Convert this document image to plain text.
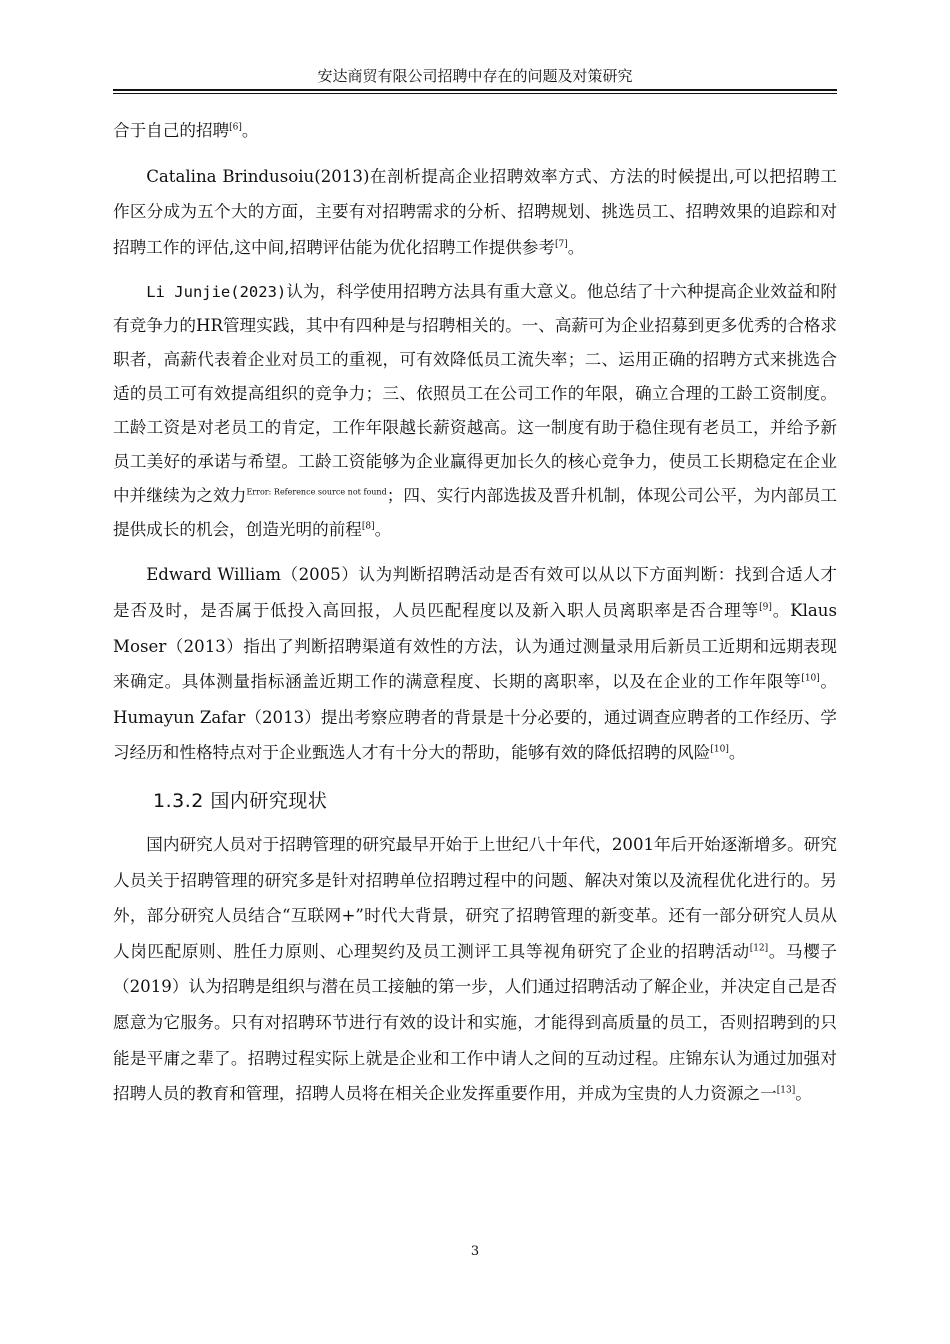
安达商贸有限公司招聘中存在的问题及对策研究

合于自己的招聘[6]。

Catalina Brindusoiu(2013)在剖析提高企业招聘效率方式、方法的时候提出,可以把招聘工作区分成为五个大的方面，主要有对招聘需求的分析、招聘规划、挑选员工、招聘效果的追踪和对招聘工作的评估,这中间,招聘评估能为优化招聘工作提供参考[7]。

Li Junjie(2023)认为，科学使用招聘方法具有重大意义。他总结了十六种提高企业效益和附有竞争力的HR管理实践，其中有四种是与招聘相关的。一、高薪可为企业招募到更多优秀的合格求职者，高薪代表着企业对员工的重视，可有效降低员工流失率；二、运用正确的招聘方式来挑选合适的员工可有效提高组织的竞争力；三、依照员工在公司工作的年限，确立合理的工龄工资制度。工龄工资是对老员工的肯定，工作年限越长薪资越高。这一制度有助于稳住现有老员工，并给予新员工美好的承诺与希望。工龄工资能够为企业赢得更加长久的核心竞争力，使员工长期稳定在企业中并继续为之效力$^{Error: Reference source not found}$；四、实行内部选拔及晋升机制，体现公司公平，为内部员工提供成长的机会，创造光明的前程[8]。

Edward William（2005）认为判断招聘活动是否有效可以从以下方面判断：找到合适人才是否及时，是否属于低投入高回报，人员匹配程度以及新入职人员离职率是否合理等[9]。Klaus Moser（2013）指出了判断招聘渠道有效性的方法，认为通过测量录用后新员工近期和远期表现来确定。具体测量指标涵盖近期工作的满意程度、长期的离职率，以及在企业的工作年限等[10]。Humayun Zafar（2013）提出考察应聘者的背景是十分必要的，通过调查应聘者的工作经历、学习经历和性格特点对于企业甄选人才有十分大的帮助，能够有效的降低招聘的风险[10]。

1.3.2 国内研究现状

国内研究人员对于招聘管理的研究最早开始于上世纪八十年代，2001年后开始逐渐增多。研究人员关于招聘管理的研究多是针对招聘单位招聘过程中的问题、解决对策以及流程优化进行的。另外，部分研究人员结合“互联网+”时代大背景，研究了招聘管理的新变革。还有一部分研究人员从人岗匹配原则、胜任力原则、心理契约及员工测评工具等视角研究了企业的招聘活动[12]。马樱子（2019）认为招聘是组织与潜在员工接触的第一步，人们通过招聘活动了解企业，并决定自己是否愿意为它服务。只有对招聘环节进行有效的设计和实施，才能得到高质量的员工，否则招聘到的只能是平庸之辈了。招聘过程实际上就是企业和工作中请人之间的互动过程。庄锦东认为通过加强对招聘人员的教育和管理，招聘人员将在相关企业发挥重要作用，并成为宝贵的人力资源之一[13]。

3
